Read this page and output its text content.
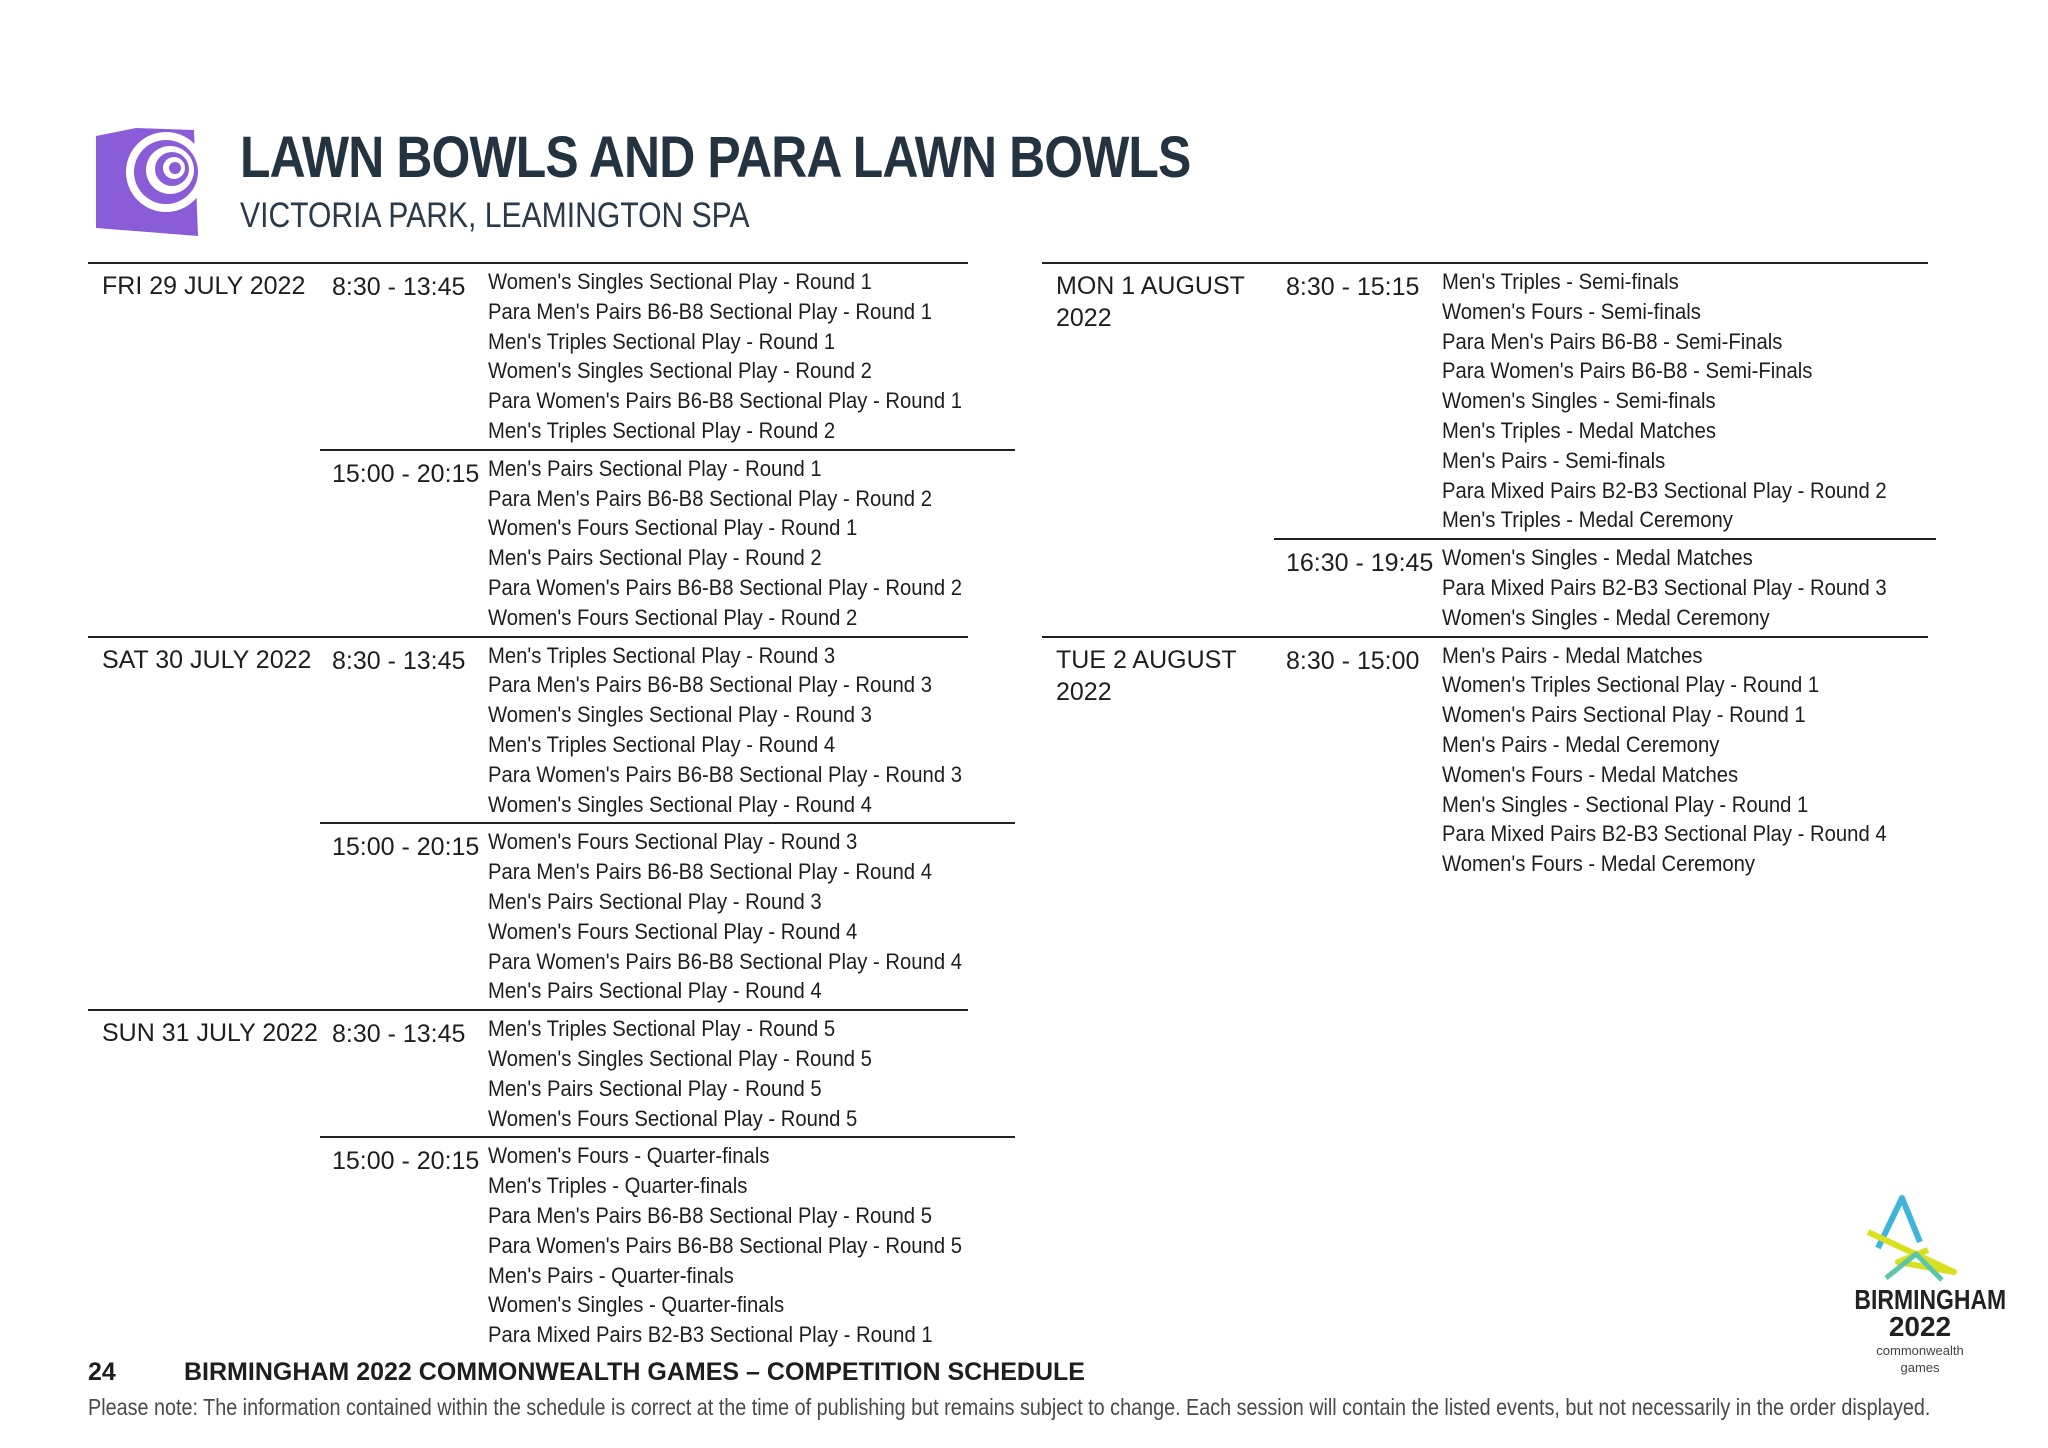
LAWN BOWLS AND PARA LAWN BOWLS
VICTORIA PARK, LEAMINGTON SPA
FRI 29 JULY 2022	8:30 - 13:45	Women's Singles Sectional Play - Round 1
Para Men's Pairs B6-B8 Sectional Play - Round 1
Men's Triples Sectional Play - Round 1
Women's Singles Sectional Play - Round 2
Para Women's Pairs B6-B8 Sectional Play - Round 1
Men's Triples Sectional Play - Round 2
15:00 - 20:15 Men's Pairs Sectional Play - Round 1
Para Men's Pairs B6-B8 Sectional Play - Round 2
Women's Fours Sectional Play - Round 1
Men's Pairs Sectional Play - Round 2
Para Women's Pairs B6-B8 Sectional Play - Round 2
Women's Fours Sectional Play - Round 2
SAT 30 JULY 2022 8:30 - 13:45	Men's Triples Sectional Play - Round 3
Para Men's Pairs B6-B8 Sectional Play - Round 3
Women's Singles Sectional Play - Round 3
Men's Triples Sectional Play - Round 4
Para Women's Pairs B6-B8 Sectional Play - Round 3
Women's Singles Sectional Play - Round 4
15:00 - 20:15 Women's Fours Sectional Play - Round 3
Para Men's Pairs B6-B8 Sectional Play - Round 4
Men's Pairs Sectional Play - Round 3
Women's Fours Sectional Play - Round 4
Para Women's Pairs B6-B8 Sectional Play - Round 4
Men's Pairs Sectional Play - Round 4
SUN 31 JULY 2022 8:30 - 13:45	Men's Triples Sectional Play - Round 5
Women's Singles Sectional Play - Round 5
Men's Pairs Sectional Play - Round 5
Women's Fours Sectional Play - Round 5
15:00 - 20:15 Women's Fours - Quarter-finals
Men's Triples - Quarter-finals
Para Men's Pairs B6-B8 Sectional Play - Round 5
Para Women's Pairs B6-B8 Sectional Play - Round 5
Men's Pairs - Quarter-finals
Women's Singles - Quarter-finals
Para Mixed Pairs B2-B3 Sectional Play - Round 1
MON 1 AUGUST 2022
8:30 - 15:15	Men's Triples - Semi-finals
Women's Fours - Semi-finals
Para Men's Pairs B6-B8 - Semi-Finals
Para Women's Pairs B6-B8 - Semi-Finals
Women's Singles - Semi-finals
Men's Triples - Medal Matches
Men's Pairs - Semi-finals
Para Mixed Pairs B2-B3 Sectional Play - Round 2
Men's Triples - Medal Ceremony
16:30 - 19:45 Women's Singles - Medal Matches
Para Mixed Pairs B2-B3 Sectional Play - Round 3
Women's Singles - Medal Ceremony
TUE 2 AUGUST 2022
8:30 - 15:00	Men's Pairs - Medal Matches
Women's Triples Sectional Play - Round 1
Women's Pairs Sectional Play - Round 1
Men's Pairs - Medal Ceremony
Women's Fours - Medal Matches
Men's Singles - Sectional Play - Round 1
Para Mixed Pairs B2-B3 Sectional Play - Round 4
Women's Fours - Medal Ceremony
24	BIRMINGHAM 2022 COMMONWEALTH GAMES – COMPETITION SCHEDULE
Please note: The information contained within the schedule is correct at the time of publishing but remains subject to change. Each session will contain the listed events, but not necessarily in the order displayed.
BIRMINGHAM
2022
commonwealth
games
